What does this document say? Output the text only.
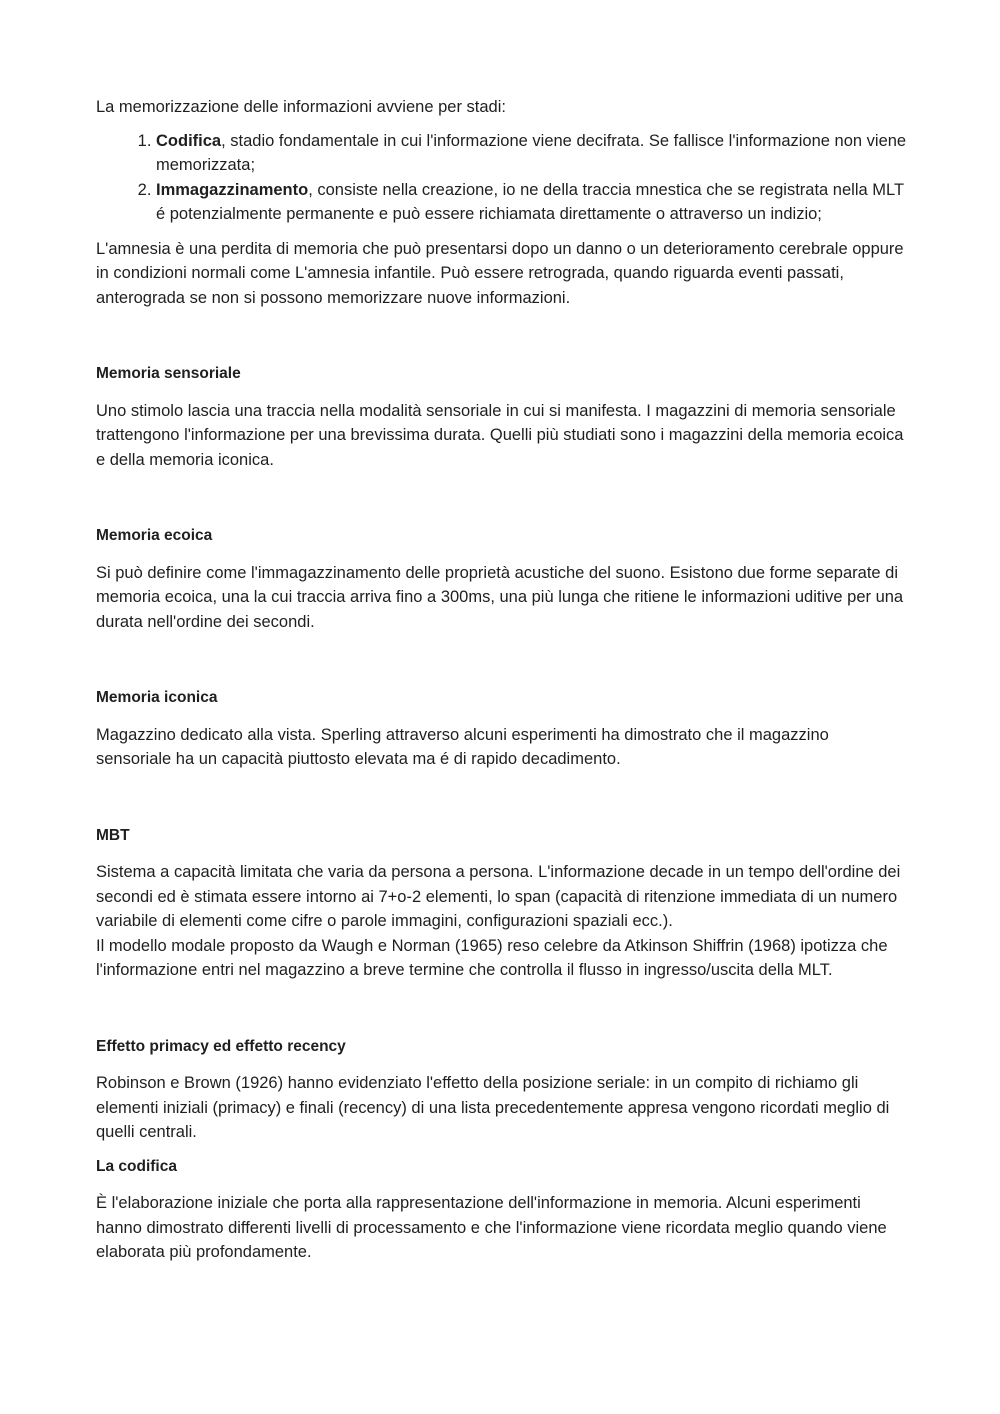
La memorizzazione delle informazioni avviene per stadi:

1. Codifica, stadio fondamentale in cui l'informazione viene decifrata. Se fallisce l'informazione non viene memorizzata;
2. Immagazzinamento, consiste nella creazione, io ne della traccia mnestica che se registrata nella MLT é potenzialmente permanente e può essere richiamata direttamente o attraverso un indizio;

L'amnesia è una perdita di memoria che può presentarsi dopo un danno o un deterioramento cerebrale oppure in condizioni normali come L'amnesia infantile. Può essere retrograda, quando riguarda eventi passati, anterograda se non si possono memorizzare nuove informazioni.

Memoria sensoriale

Uno stimolo lascia una traccia nella modalità sensoriale in cui si manifesta. I magazzini di memoria sensoriale trattengono l'informazione per una brevissima durata. Quelli più studiati sono i magazzini della memoria ecoica e della memoria iconica.

Memoria ecoica

Si può definire come l'immagazzinamento delle proprietà acustiche del suono. Esistono due forme separate di memoria ecoica, una la cui traccia arriva fino a 300ms, una più lunga che ritiene le informazioni uditive per una durata nell'ordine dei secondi.

Memoria iconica

Magazzino dedicato alla vista. Sperling attraverso alcuni esperimenti ha dimostrato che il magazzino sensoriale ha un capacità piuttosto elevata ma é di rapido decadimento.

MBT

Sistema a capacità limitata che varia da persona a persona. L'informazione decade in un tempo dell'ordine dei secondi ed è stimata essere intorno ai 7+o-2 elementi, lo span (capacità di ritenzione immediata di un numero variabile di elementi come cifre o parole immagini, configurazioni spaziali ecc.).

Il modello modale proposto da Waugh e Norman (1965) reso celebre da Atkinson Shiffrin (1968) ipotizza che l'informazione entri nel magazzino a breve termine che controlla il flusso in ingresso/uscita della MLT.

Effetto primacy ed effetto recency

Robinson e Brown (1926) hanno evidenziato l'effetto della posizione seriale: in un compito di richiamo gli elementi iniziali (primacy) e finali (recency) di una lista precedentemente appresa vengono ricordati meglio di quelli centrali.

La codifica

È l'elaborazione iniziale che porta alla rappresentazione dell'informazione in memoria. Alcuni esperimenti hanno dimostrato differenti livelli di processamento e che l'informazione viene ricordata meglio quando viene elaborata più profondamente.
